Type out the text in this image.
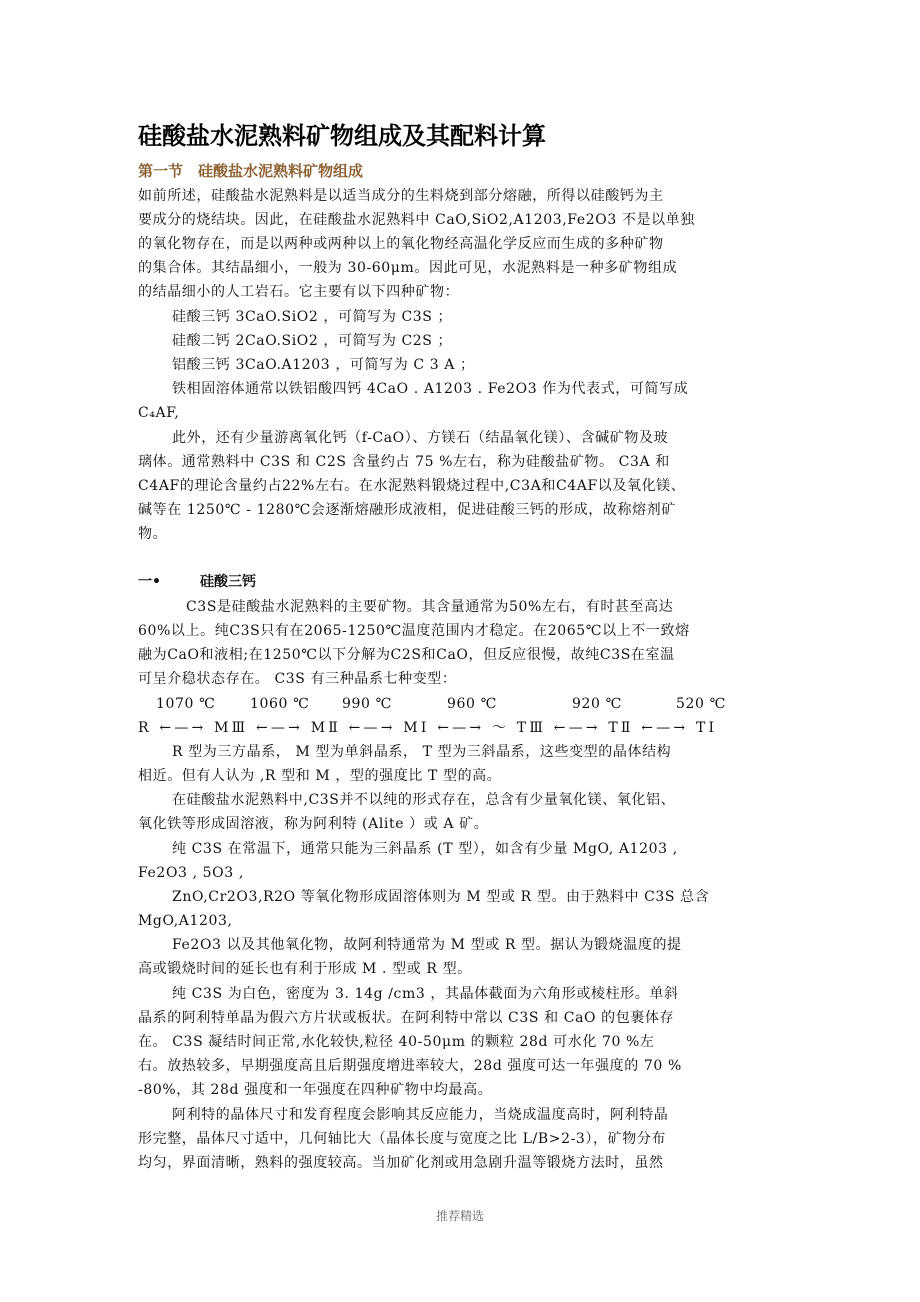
硅酸盐水泥熟料矿物组成及其配料计算
第一节　硅酸盐水泥熟料矿物组成
如前所述，硅酸盐水泥熟料是以适当成分的生料烧到部分熔融，所得以硅酸钙为主
要成分的烧结块。因此，在硅酸盐水泥熟料中 CaO,SiO2,A1203,Fe2O3 不是以单独
的氧化物存在，而是以两种或两种以上的氧化物经高温化学反应而生成的多种矿物
的集合体。其结晶细小，一般为 30-60μm。因此可见，水泥熟料是一种多矿物组成
的结晶细小的人工岩石。它主要有以下四种矿物：
硅酸三钙 3CaO.SiO2 ，可简写为 C3S ；
硅酸二钙 2CaO.SiO2 ，可简写为 C2S ；
铝酸三钙 3CaO.A1203 ，可简写为 C 3 A ；
铁相固溶体通常以铁铝酸四钙 4CaO . A1203 . Fe2O3 作为代表式，可简写成
C₄AF,
此外，还有少量游离氧化钙（f-CaO）、方镁石（结晶氧化镁）、含碱矿物及玻
璃体。通常熟料中 C3S 和 C2S 含量约占 75 %左右，称为硅酸盐矿物。 C3A 和
C4AF的理论含量约占22%左右。在水泥熟料锻烧过程中,C3A和C4AF以及氧化镁、
碱等在 1250℃ - 1280℃会逐渐熔融形成液相，促进硅酸三钙的形成，故称熔剂矿
物。
一•	硅酸三钙
C3S是硅酸盐水泥熟料的主要矿物。其含量通常为50%左右，有时甚至高达
60%以上。纯C3S只有在2065-1250℃温度范围内才稳定。在2065℃以上不一致熔
融为CaO和液相;在1250℃以下分解为C2S和CaO，但反应很慢，故纯C3S在室温
可呈介稳状态存在。 C3S 有三种晶系七种变型：
1070 ℃ 1060 ℃ 990 ℃	960 ℃	920 ℃	520 ℃
R ←—→ MⅢ ←—→ MⅡ ←—→ MⅠ ←—→ ～ TⅢ ←—→ TⅡ ←—→ TⅠ
R 型为三方晶系， M 型为单斜晶系， T 型为三斜晶系，这些变型的晶体结构
相近。但有人认为 ,R 型和 M ，型的强度比 T 型的高。
在硅酸盐水泥熟料中,C3S并不以纯的形式存在，总含有少量氧化镁、氧化铝、
氧化铁等形成固溶液，称为阿利特 (Alite ）或 A 矿。
纯 C3S 在常温下，通常只能为三斜晶系 (T 型），如含有少量 MgO, A1203 ,
Fe2O3 , 5O3 ,
ZnO,Cr2O3,R2O 等氧化物形成固溶体则为 M 型或 R 型。由于熟料中 C3S 总含
MgO,A1203,
Fe2O3 以及其他氧化物，故阿利特通常为 M 型或 R 型。据认为锻烧温度的提
高或锻烧时间的延长也有利于形成 M . 型或 R 型。
纯 C3S 为白色，密度为 3. 14g /cm3 ，其晶体截面为六角形或棱柱形。单斜
晶系的阿利特单晶为假六方片状或板状。在阿利特中常以 C3S 和 CaO 的包裹体存
在。 C3S 凝结时间正常,水化较快,粒径 40-50μm 的颗粒 28d 可水化 70 %左
右。放热较多，早期强度高且后期强度增进率较大，28d 强度可达一年强度的 70 %
-80%，其 28d 强度和一年强度在四种矿物中均最高。
阿利特的晶体尺寸和发育程度会影响其反应能力，当烧成温度高时，阿利特晶
形完整，晶体尺寸适中，几何轴比大（晶体长度与宽度之比 L/B>2-3），矿物分布
均匀，界面清晰，熟料的强度较高。当加矿化剂或用急剧升温等锻烧方法时，虽然
推荐精选
